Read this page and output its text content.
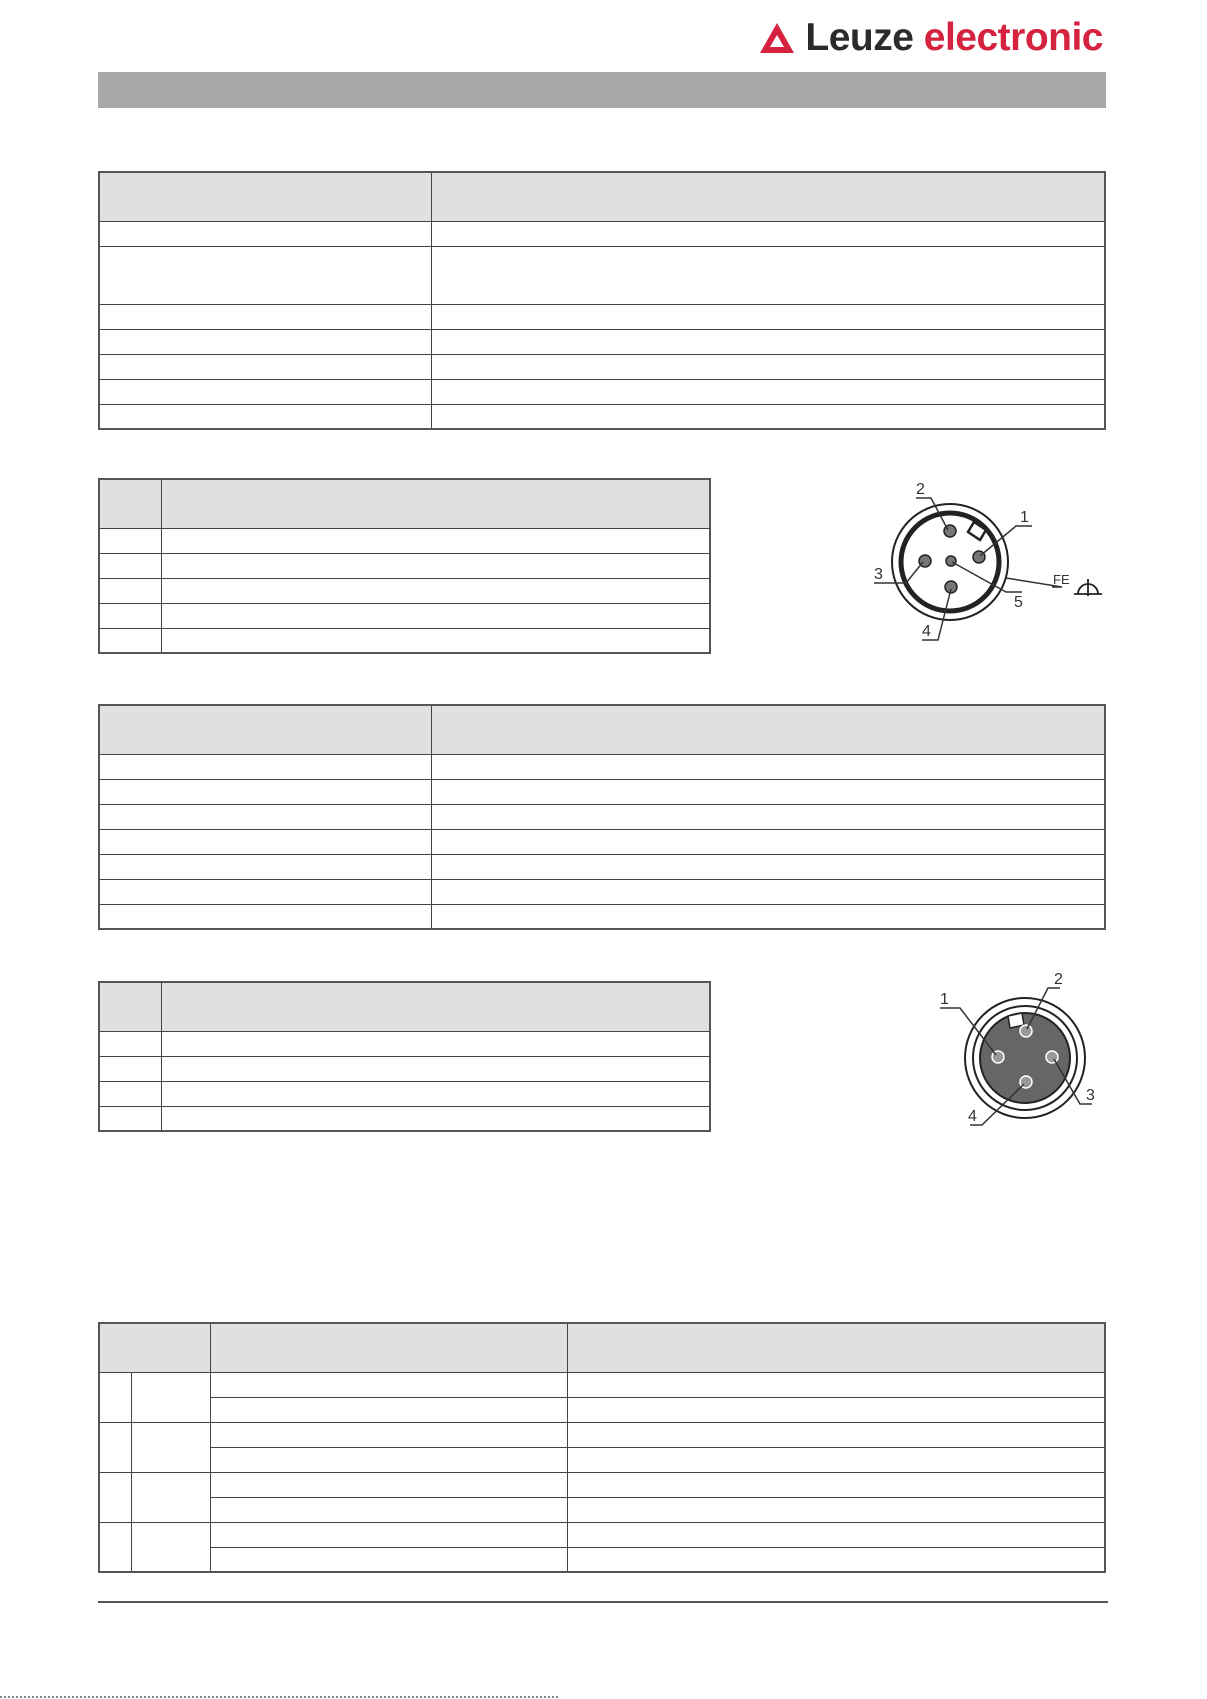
Leuze electronic

2
1
3
4
5
FE

1
2
3
4
